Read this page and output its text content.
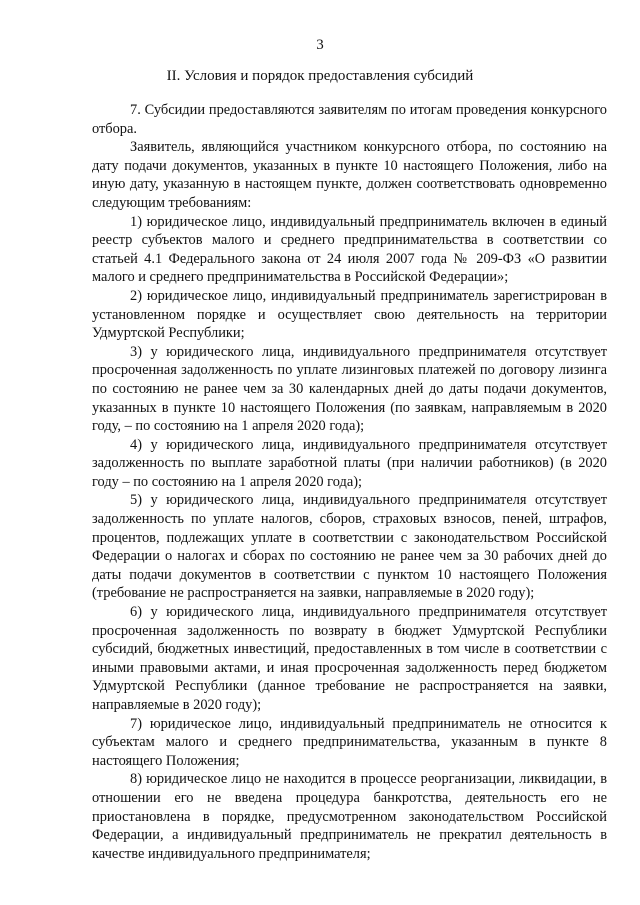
3
II. Условия и порядок предоставления субсидий

7. Субсидии предоставляются заявителям по итогам проведения конкурсного отбора.

Заявитель, являющийся участником конкурсного отбора, по состоянию на дату подачи документов, указанных в пункте 10 настоящего Положения, либо на иную дату, указанную в настоящем пункте, должен соответствовать одновременно следующим требованиям:

1) юридическое лицо, индивидуальный предприниматель включен в единый реестр субъектов малого и среднего предпринимательства в соответствии со статьей 4.1 Федерального закона от 24 июля 2007 года № 209-ФЗ «О развитии малого и среднего предпринимательства в Российской Федерации»;

2) юридическое лицо, индивидуальный предприниматель зарегистрирован в установленном порядке и осуществляет свою деятельность на территории Удмуртской Республики;

3) у юридического лица, индивидуального предпринимателя отсутствует просроченная задолженность по уплате лизинговых платежей по договору лизинга по состоянию не ранее чем за 30 календарных дней до даты подачи документов, указанных в пункте 10 настоящего Положения (по заявкам, направляемым в 2020 году, – по состоянию на 1 апреля 2020 года);

4) у юридического лица, индивидуального предпринимателя отсутствует задолженность по выплате заработной платы (при наличии работников) (в 2020 году – по состоянию на 1 апреля 2020 года);

5) у юридического лица, индивидуального предпринимателя отсутствует задолженность по уплате налогов, сборов, страховых взносов, пеней, штрафов, процентов, подлежащих уплате в соответствии с законодательством Российской Федерации о налогах и сборах по состоянию не ранее чем за 30 рабочих дней до даты подачи документов в соответствии с пунктом 10 настоящего Положения (требование не распространяется на заявки, направляемые в 2020 году);

6) у юридического лица, индивидуального предпринимателя отсутствует просроченная задолженность по возврату в бюджет Удмуртской Республики субсидий, бюджетных инвестиций, предоставленных в том числе в соответствии с иными правовыми актами, и иная просроченная задолженность перед бюджетом Удмуртской Республики (данное требование не распространяется на заявки, направляемые в 2020 году);

7) юридическое лицо, индивидуальный предприниматель не относится к субъектам малого и среднего предпринимательства, указанным в пункте 8 настоящего Положения;

8) юридическое лицо не находится в процессе реорганизации, ликвидации, в отношении его не введена процедура банкротства, деятельность его не приостановлена в порядке, предусмотренном законодательством Российской Федерации, а индивидуальный предприниматель не прекратил деятельность в качестве индивидуального предпринимателя;
